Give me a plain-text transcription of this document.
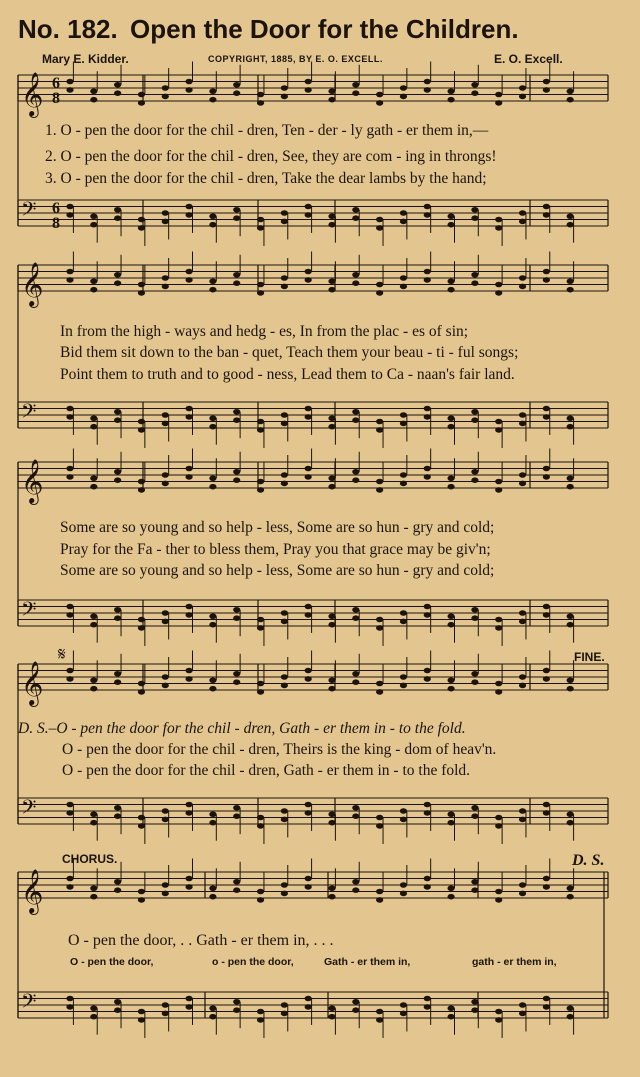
No. 182. Open the Door for the Children.
Mary E. Kidder.	COPYRIGHT, 1885, BY E. O. EXCELL.	E. O. Excell.
𝄞
𝄢
𝄞
𝄢
𝄞
𝄢
𝄞
𝄢
𝄞
𝄢
6
8
6
8
𝄋
1. O - pen the door for the chil - dren, Ten - der - ly gath - er them in,—
2. O - pen the door for the chil - dren, See, they are com - ing in throngs!
3. O - pen the door for the chil - dren, Take the dear lambs by the hand;
In from the high - ways and hedg - es, In from the plac - es of sin;
Bid them sit down to the ban - quet, Teach them your beau - ti - ful songs;
Point them to truth and to good - ness, Lead them to Ca - naan's fair land.
Some are so young and so help - less, Some are so hun - gry and cold;
Pray for the Fa - ther to bless them, Pray you that grace may be giv'n;
Some are so young and so help - less, Some are so hun - gry and cold;
FINE.
D. S.–O - pen the door for the chil - dren, Gath - er them in - to the fold.
O - pen the door for the chil - dren, Theirs is the king - dom of heav'n.
O - pen the door for the chil - dren, Gath - er them in - to the fold.
CHORUS.	D. S.
O - pen the door, . . Gath - er them in, . . .
O - pen the door,	o - pen the door,	Gath - er them in,	gath - er them in,
